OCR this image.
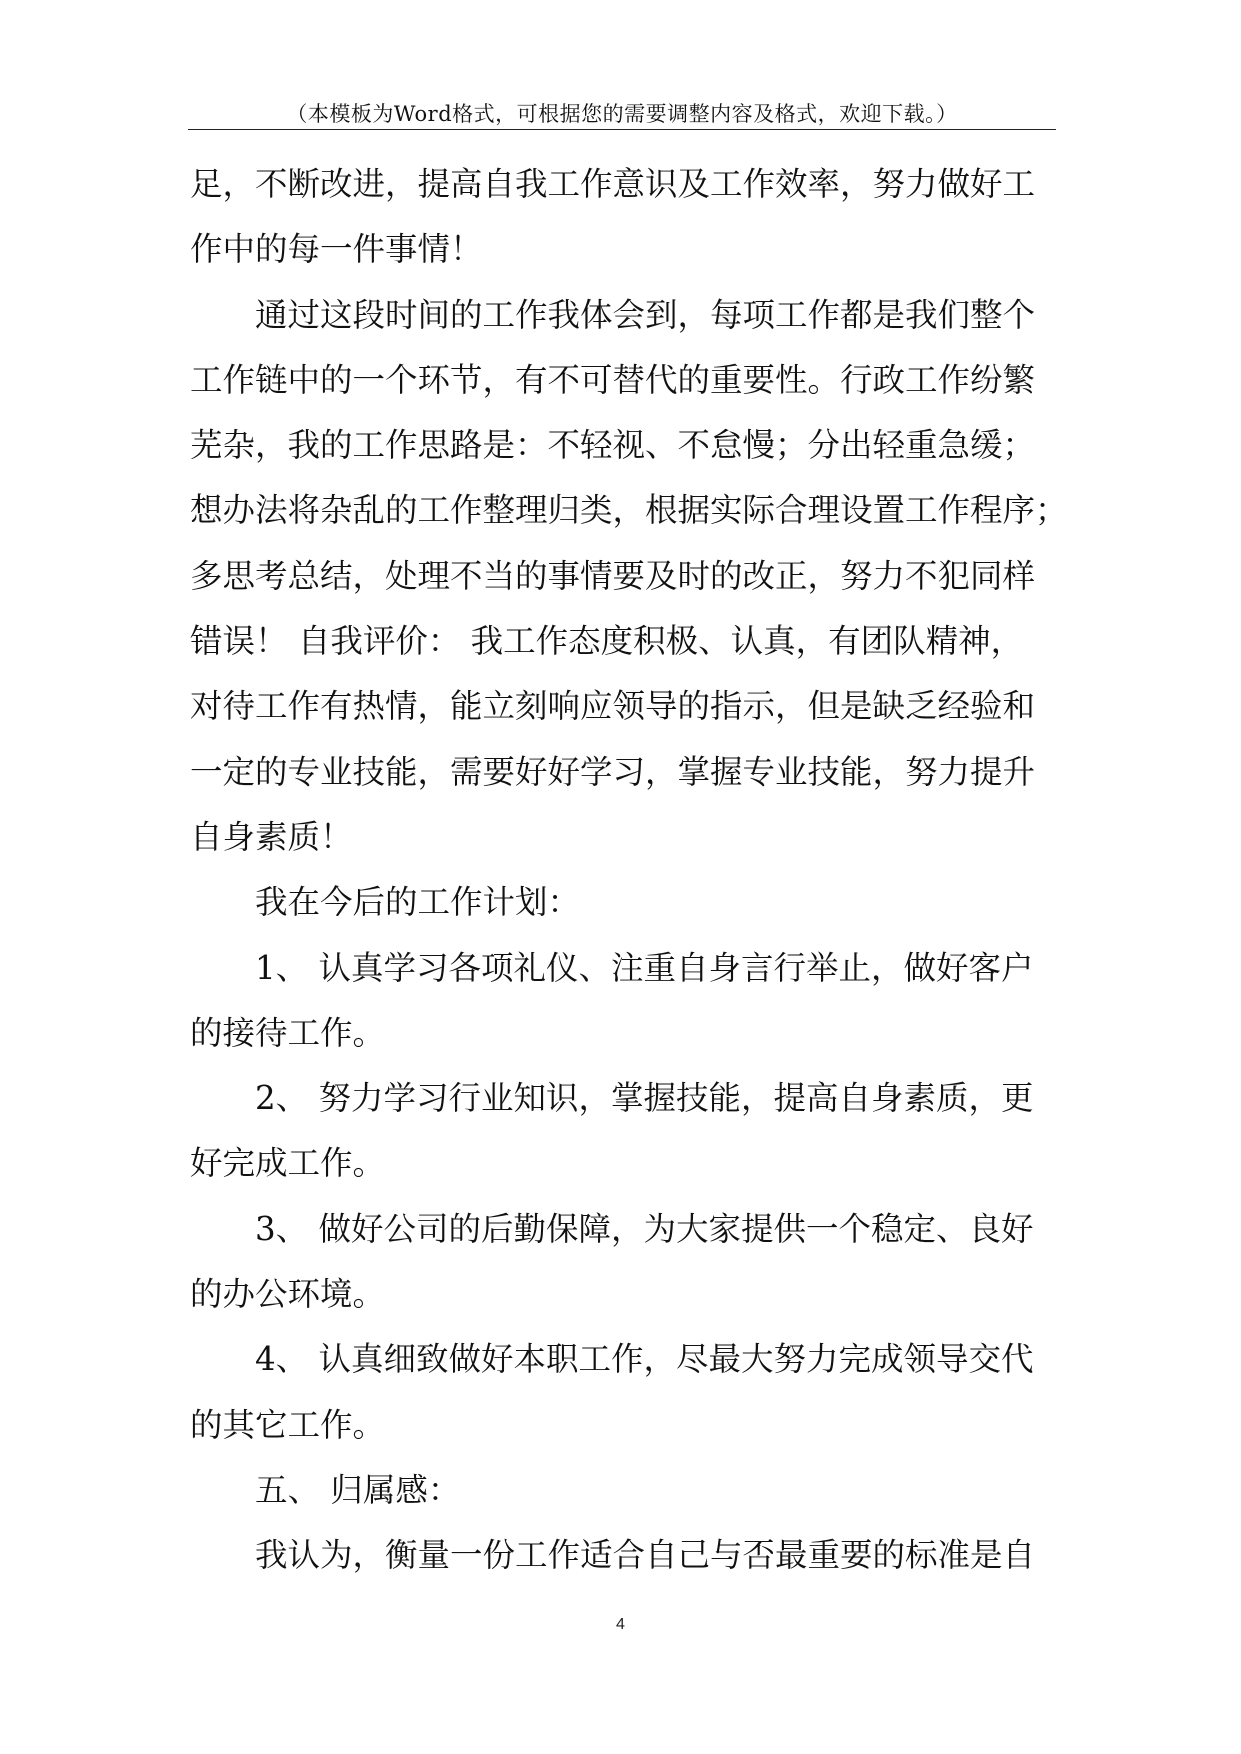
（本模板为Word格式，可根据您的需要调整内容及格式，欢迎下载。）
足，不断改进，提高自我工作意识及工作效率，努力做好工
作中的每一件事情！
通过这段时间的工作我体会到，每项工作都是我们整个
工作链中的一个环节，有不可替代的重要性。行政工作纷繁
芜杂，我的工作思路是：不轻视、不怠慢；分出轻重急缓；
想办法将杂乱的工作整理归类，根据实际合理设置工作程序；
多思考总结，处理不当的事情要及时的改正，努力不犯同样
错误！ 自我评价： 我工作态度积极、认真，有团队精神，
对待工作有热情，能立刻响应领导的指示，但是缺乏经验和
一定的专业技能，需要好好学习，掌握专业技能，努力提升
自身素质！
我在今后的工作计划：
1、 认真学习各项礼仪、注重自身言行举止，做好客户
的接待工作。
2、 努力学习行业知识，掌握技能，提高自身素质，更
好完成工作。
3、 做好公司的后勤保障，为大家提供一个稳定、良好
的办公环境。
4、 认真细致做好本职工作，尽最大努力完成领导交代
的其它工作。
五、 归属感：
我认为，衡量一份工作适合自己与否最重要的标准是自
4
